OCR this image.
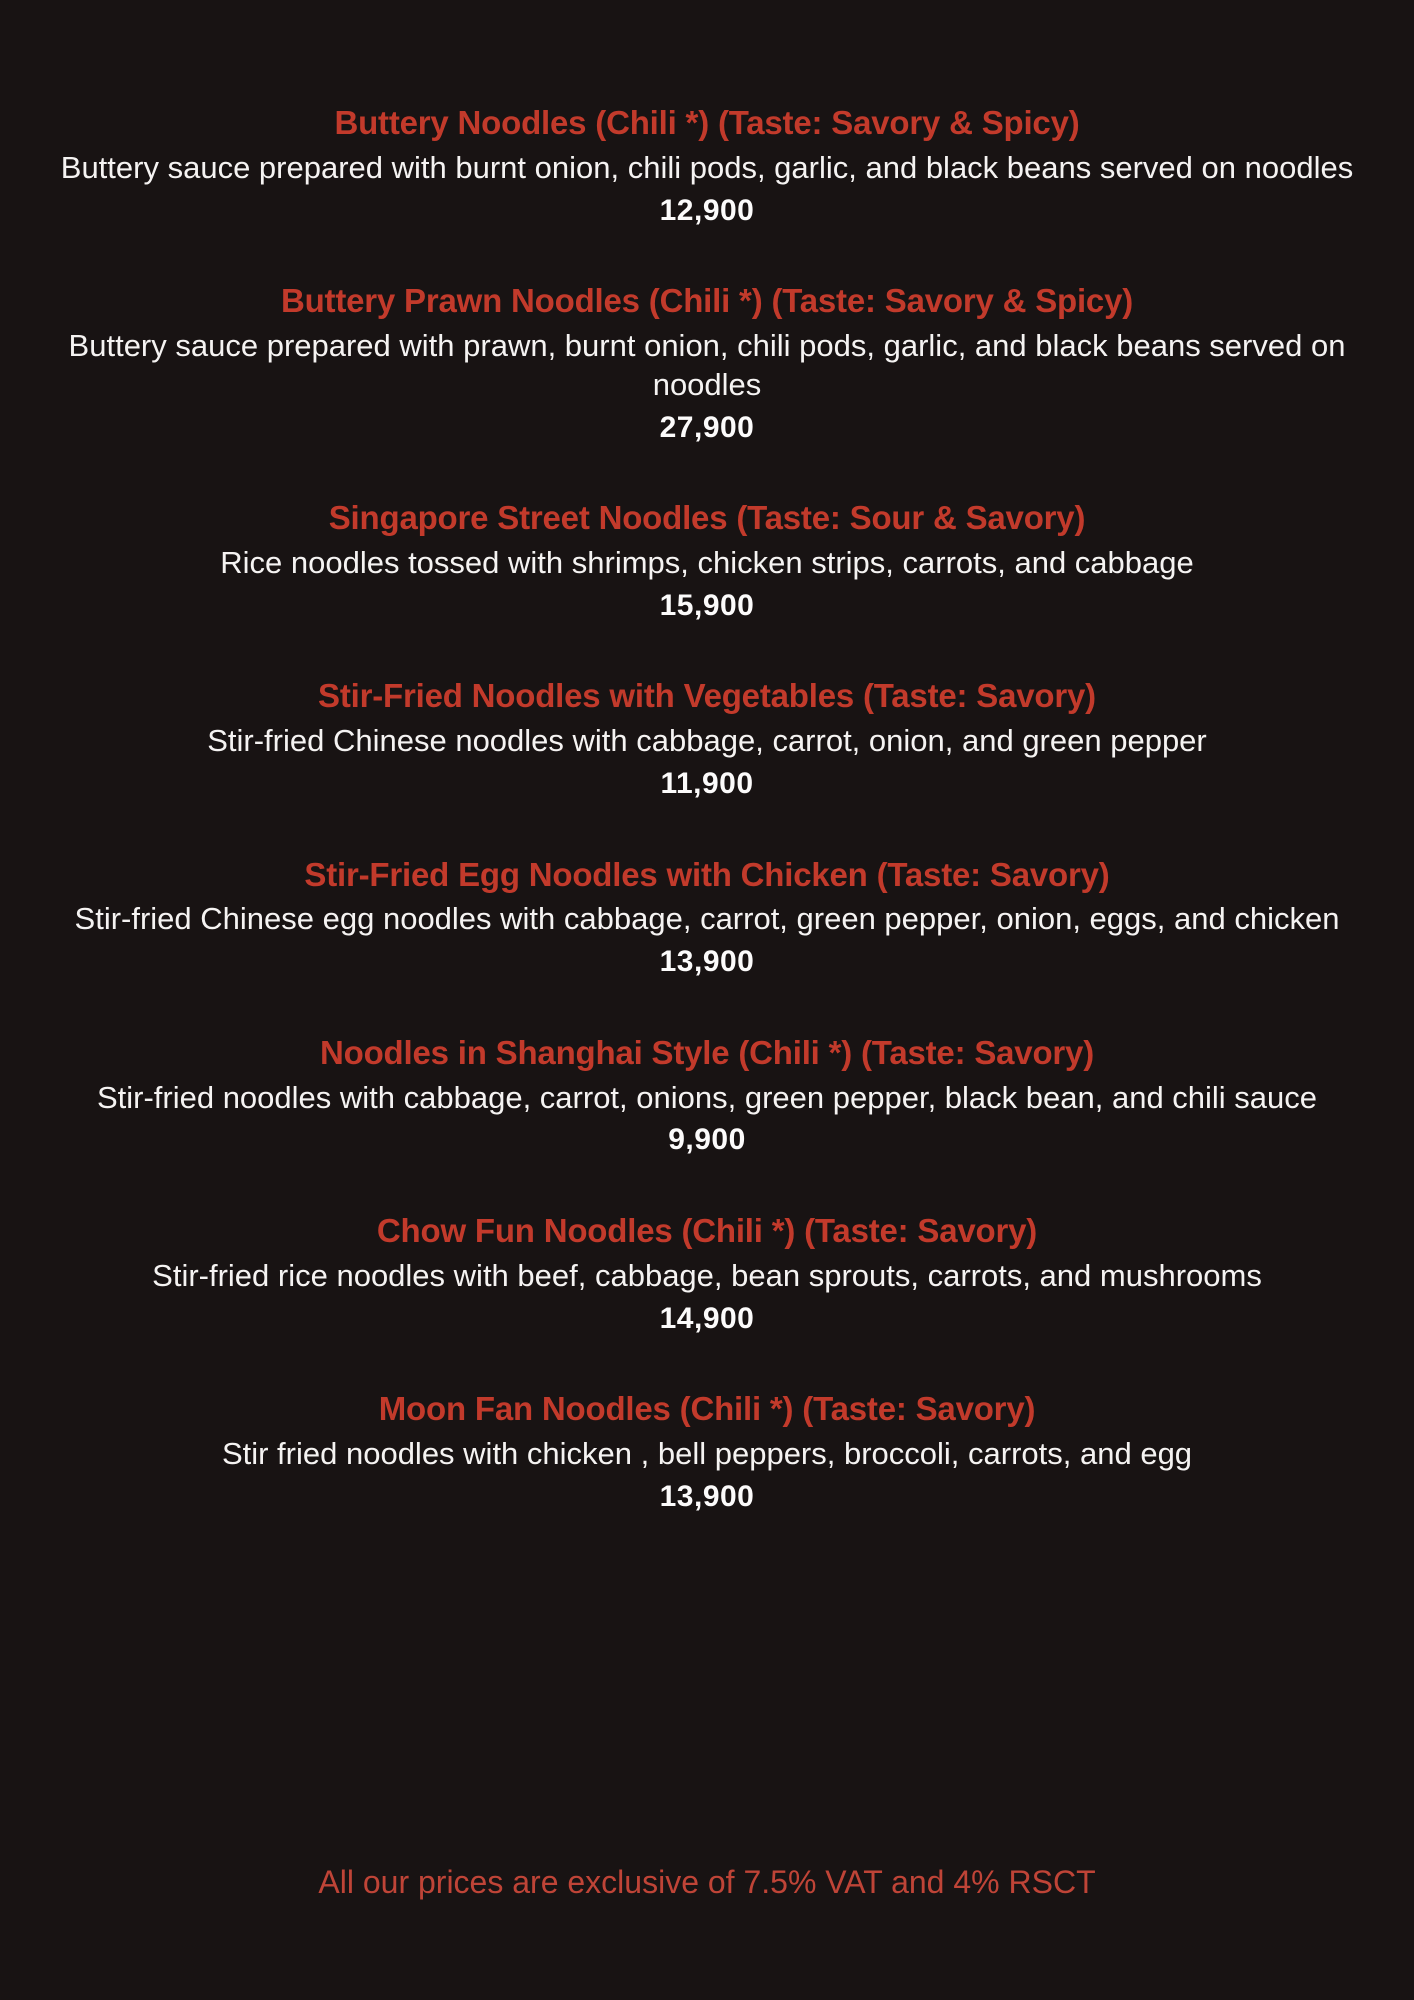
Buttery Noodles (Chili *) (Taste: Savory & Spicy)

Buttery sauce prepared with burnt onion, chili pods, garlic, and black beans served on noodles

12,900

Buttery Prawn Noodles (Chili *) (Taste: Savory & Spicy)

Buttery sauce prepared with prawn, burnt onion, chili pods, garlic, and black beans served on noodles

27,900

Singapore Street Noodles (Taste: Sour & Savory)

Rice noodles tossed with shrimps, chicken strips, carrots, and cabbage

15,900

Stir-Fried Noodles with Vegetables (Taste: Savory)

Stir-fried Chinese noodles with cabbage, carrot, onion, and green pepper

11,900

Stir-Fried Egg Noodles with Chicken (Taste: Savory)

Stir-fried Chinese egg noodles with cabbage, carrot, green pepper, onion, eggs, and chicken

13,900

Noodles in Shanghai Style (Chili *) (Taste: Savory)

Stir-fried noodles with cabbage, carrot, onions, green pepper, black bean, and chili sauce

9,900

Chow Fun Noodles (Chili *) (Taste: Savory)

Stir-fried rice noodles with beef, cabbage, bean sprouts, carrots, and mushrooms

14,900

Moon Fan Noodles (Chili *) (Taste: Savory)

Stir fried noodles with chicken , bell peppers, broccoli, carrots, and egg

13,900

All our prices are exclusive of 7.5% VAT and 4% RSCT
